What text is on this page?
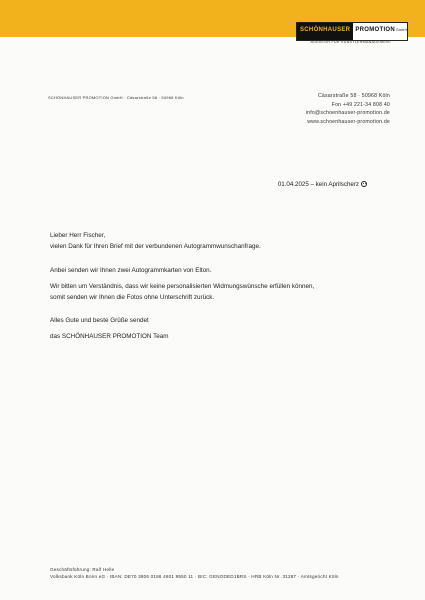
SCHÖNHAUSER PROMOTIONGmbH
AGENTUR FÜR KÜNSTLERMANAGEMENT
SCHÖNHAUSER PROMOTION GmbH · Cäsarstraße 58 · 50968 Köln	Cäsarstraße 58 · 50968 Köln
Fon +49 221-34 808 40
info@schoenhauser-promotion.de
www.schoenhauser-promotion.de
01.04.2025 – kein Aprilscherz

Lieber Herr Fischer,

vielen Dank für Ihren Brief mit der verbundenen Autogrammwunschanfrage.

Anbei senden wir Ihnen zwei Autogrammkarten von Elton.

Wir bitten um Verständnis, dass wir keine personalisierten Widmungswünsche erfüllen können,

somit senden wir Ihnen die Fotos ohne Unterschrift zurück.

Alles Gute und beste Grüße sendet

das SCHÖNHAUSER PROMOTION Team

Geschäftsführung: Ralf Hellе
Volksbank Köln Bonn eG · IBAN: DE70 3806 0186 4601 9550 11 · BIC: GENODED1BRS · HRB Köln Nr. 31287 · Amtsgericht Köln
